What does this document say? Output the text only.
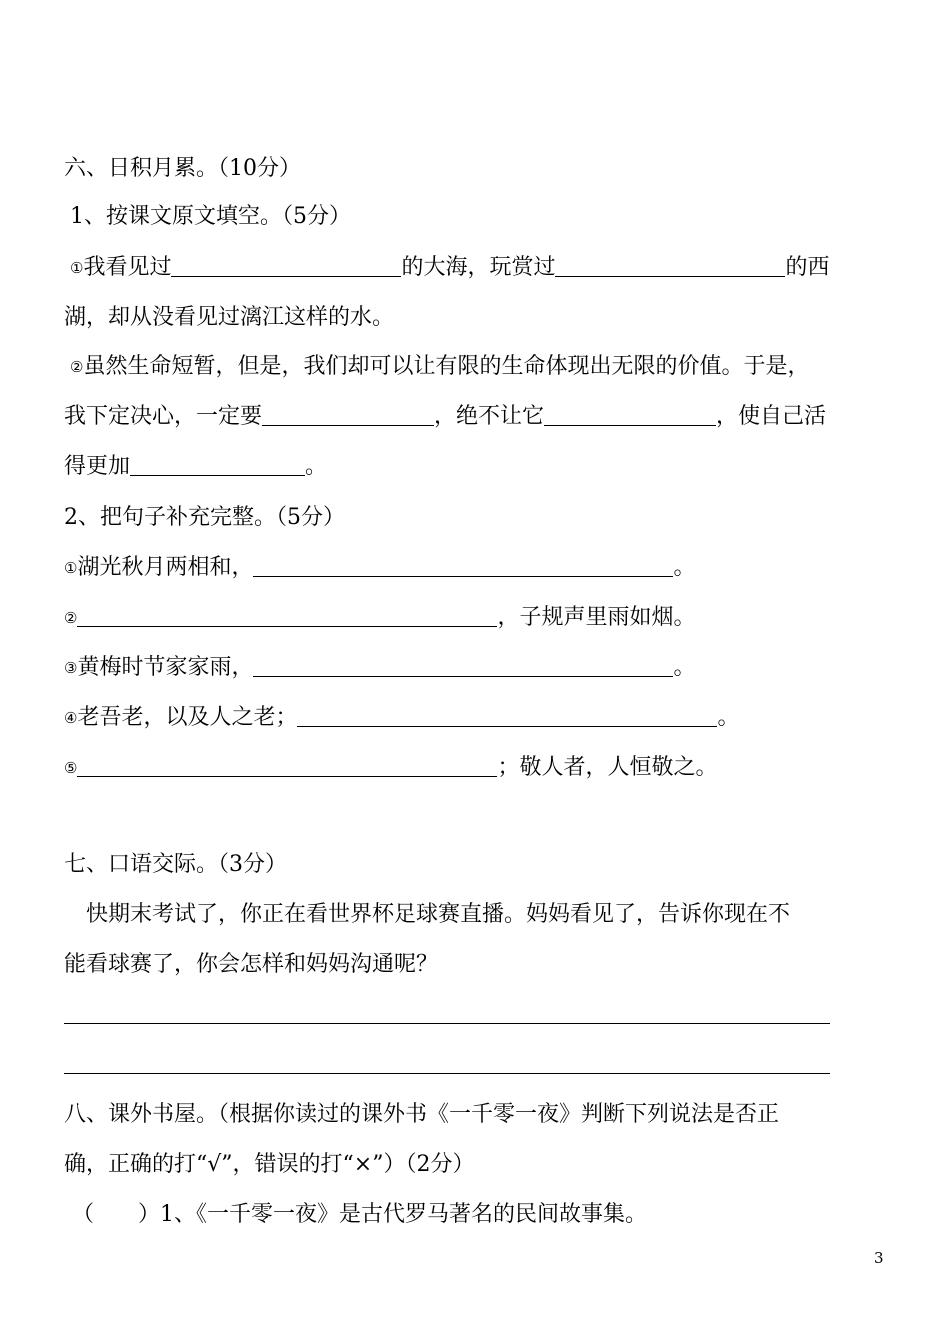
六、日积月累。（10分）
1、按课文原文填空。（5分）
①我看见过	的大海，玩赏过	的西
湖，却从没看见过漓江这样的水。
②虽然生命短暂，但是，我们却可以让有限的生命体现出无限的价值。于是，
我下定决心，一定要	，绝不让它	，使自己活
得更加	。
2、把句子补充完整。（5分）
①湖光秋月两相和，	。
②	，子规声里雨如烟。
③黄梅时节家家雨，	。
④老吾老，以及人之老；	。
⑤	；敬人者，人恒敬之。
七、口语交际。（3分）
快期末考试了，你正在看世界杯足球赛直播。妈妈看见了，告诉你现在不
能看球赛了，你会怎样和妈妈沟通呢？
八、课外书屋。（根据你读过的课外书《一千零一夜》判断下列说法是否正
确，正确的打“√”，错误的打“×”）（2分）
（　　）1、《一千零一夜》是古代罗马著名的民间故事集。
3
